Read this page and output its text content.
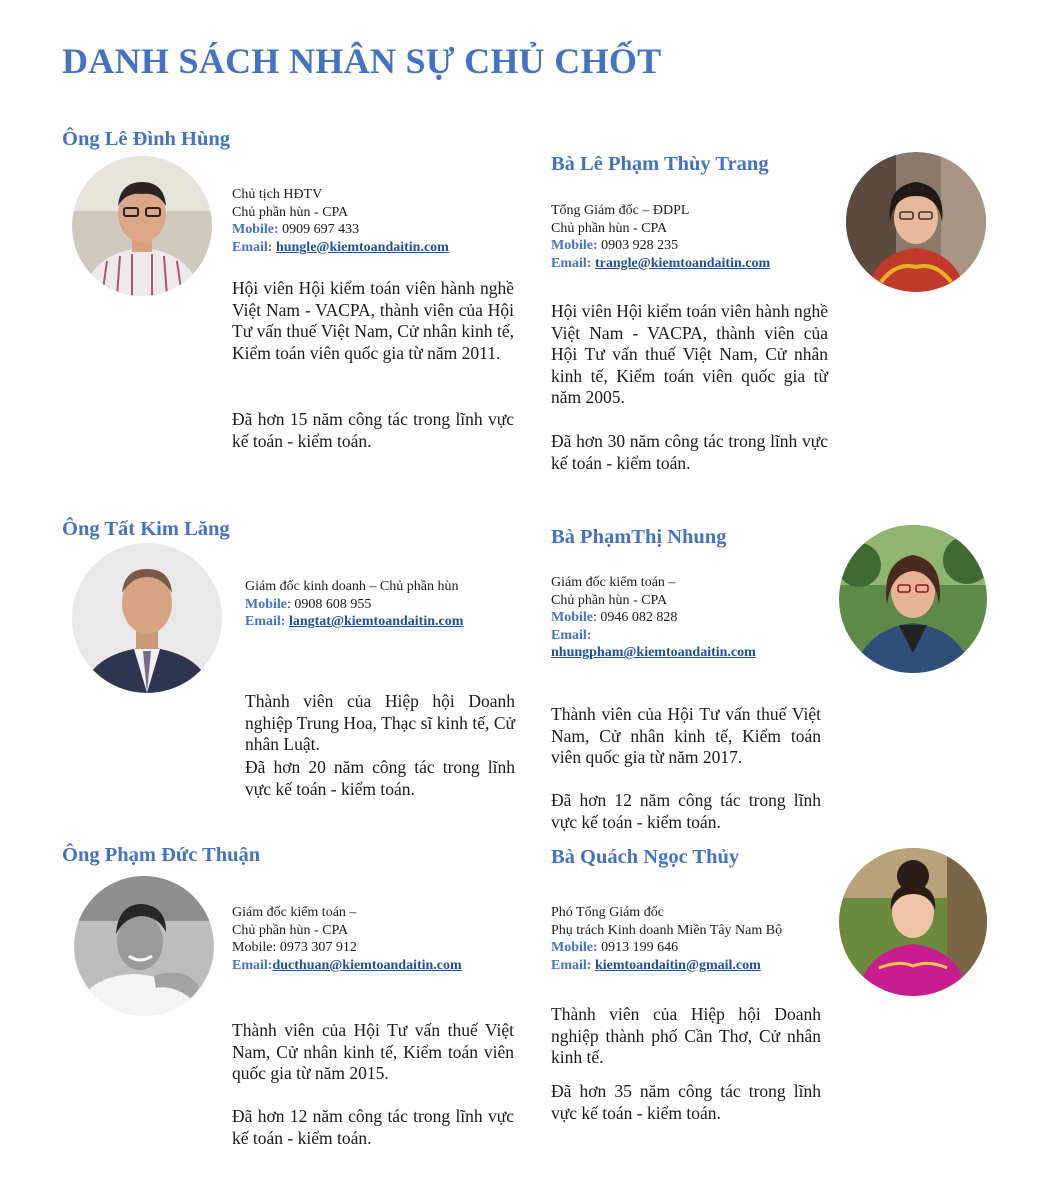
DANH SÁCH NHÂN SỰ CHỦ CHỐT
Ông Lê Đình Hùng
Chủ tịch HĐTV
Chủ phần hùn - CPA
Mobile: 0909 697 433
Email: hungle@kiemtoandaitin.com

Hội viên Hội kiểm toán viên hành nghề Việt Nam - VACPA, thành viên của Hội Tư vấn thuế Việt Nam, Cử nhân kinh tế, Kiểm toán viên quốc gia từ năm 2011.

Đã hơn 15 năm công tác trong lĩnh vực kế toán - kiểm toán.

Bà Lê Phạm Thùy Trang
Tổng Giám đốc – ĐDPL
Chủ phần hùn - CPA
Mobile: 0903 928 235
Email: trangle@kiemtoandaitin.com

Hội viên Hội kiểm toán viên hành nghề Việt Nam - VACPA, thành viên của Hội Tư vấn thuế Việt Nam, Cử nhân kinh tế, Kiểm toán viên quốc gia từ năm 2005.

Đã hơn 30 năm công tác trong lĩnh vực kế toán - kiểm toán.

Ông Tất Kim Lăng
Giám đốc kinh doanh – Chủ phần hùn
Mobile: 0908 608 955
Email: langtat@kiemtoandaitin.com

Thành viên của Hiệp hội Doanh nghiệp Trung Hoa, Thạc sĩ kinh tế, Cử nhân Luật.

Đã hơn 20 năm công tác trong lĩnh vực kế toán - kiểm toán.

Bà PhạmThị Nhung
Giám đốc kiểm toán –
Chủ phần hùn - CPA
Mobile: 0946 082 828
Email:
nhungpham@kiemtoandaitin.com

Thành viên của Hội Tư vấn thuế Việt Nam, Cử nhân kinh tế, Kiểm toán viên quốc gia từ năm 2017.

Đã hơn 12 năm công tác trong lĩnh vực kế toán - kiểm toán.

Ông Phạm Đức Thuận
Giám đốc kiểm toán –
Chủ phần hùn - CPA
Mobile: 0973 307 912
Email:ducthuan@kiemtoandaitin.com

Thành viên của Hội Tư vấn thuế Việt Nam, Cử nhân kinh tế, Kiểm toán viên quốc gia từ năm 2015.

Đã hơn 12 năm công tác trong lĩnh vực kế toán - kiểm toán.

Bà Quách Ngọc Thủy
Phó Tổng Giám đốc
Phụ trách Kinh doanh Miền Tây Nam Bộ
Mobile: 0913 199 646
Email: kiemtoandaitin@gmail.com

Thành viên của Hiệp hội Doanh nghiệp thành phố Cần Thơ, Cử nhân kinh tế.

Đã hơn 35 năm công tác trong lĩnh vực kế toán - kiểm toán.
